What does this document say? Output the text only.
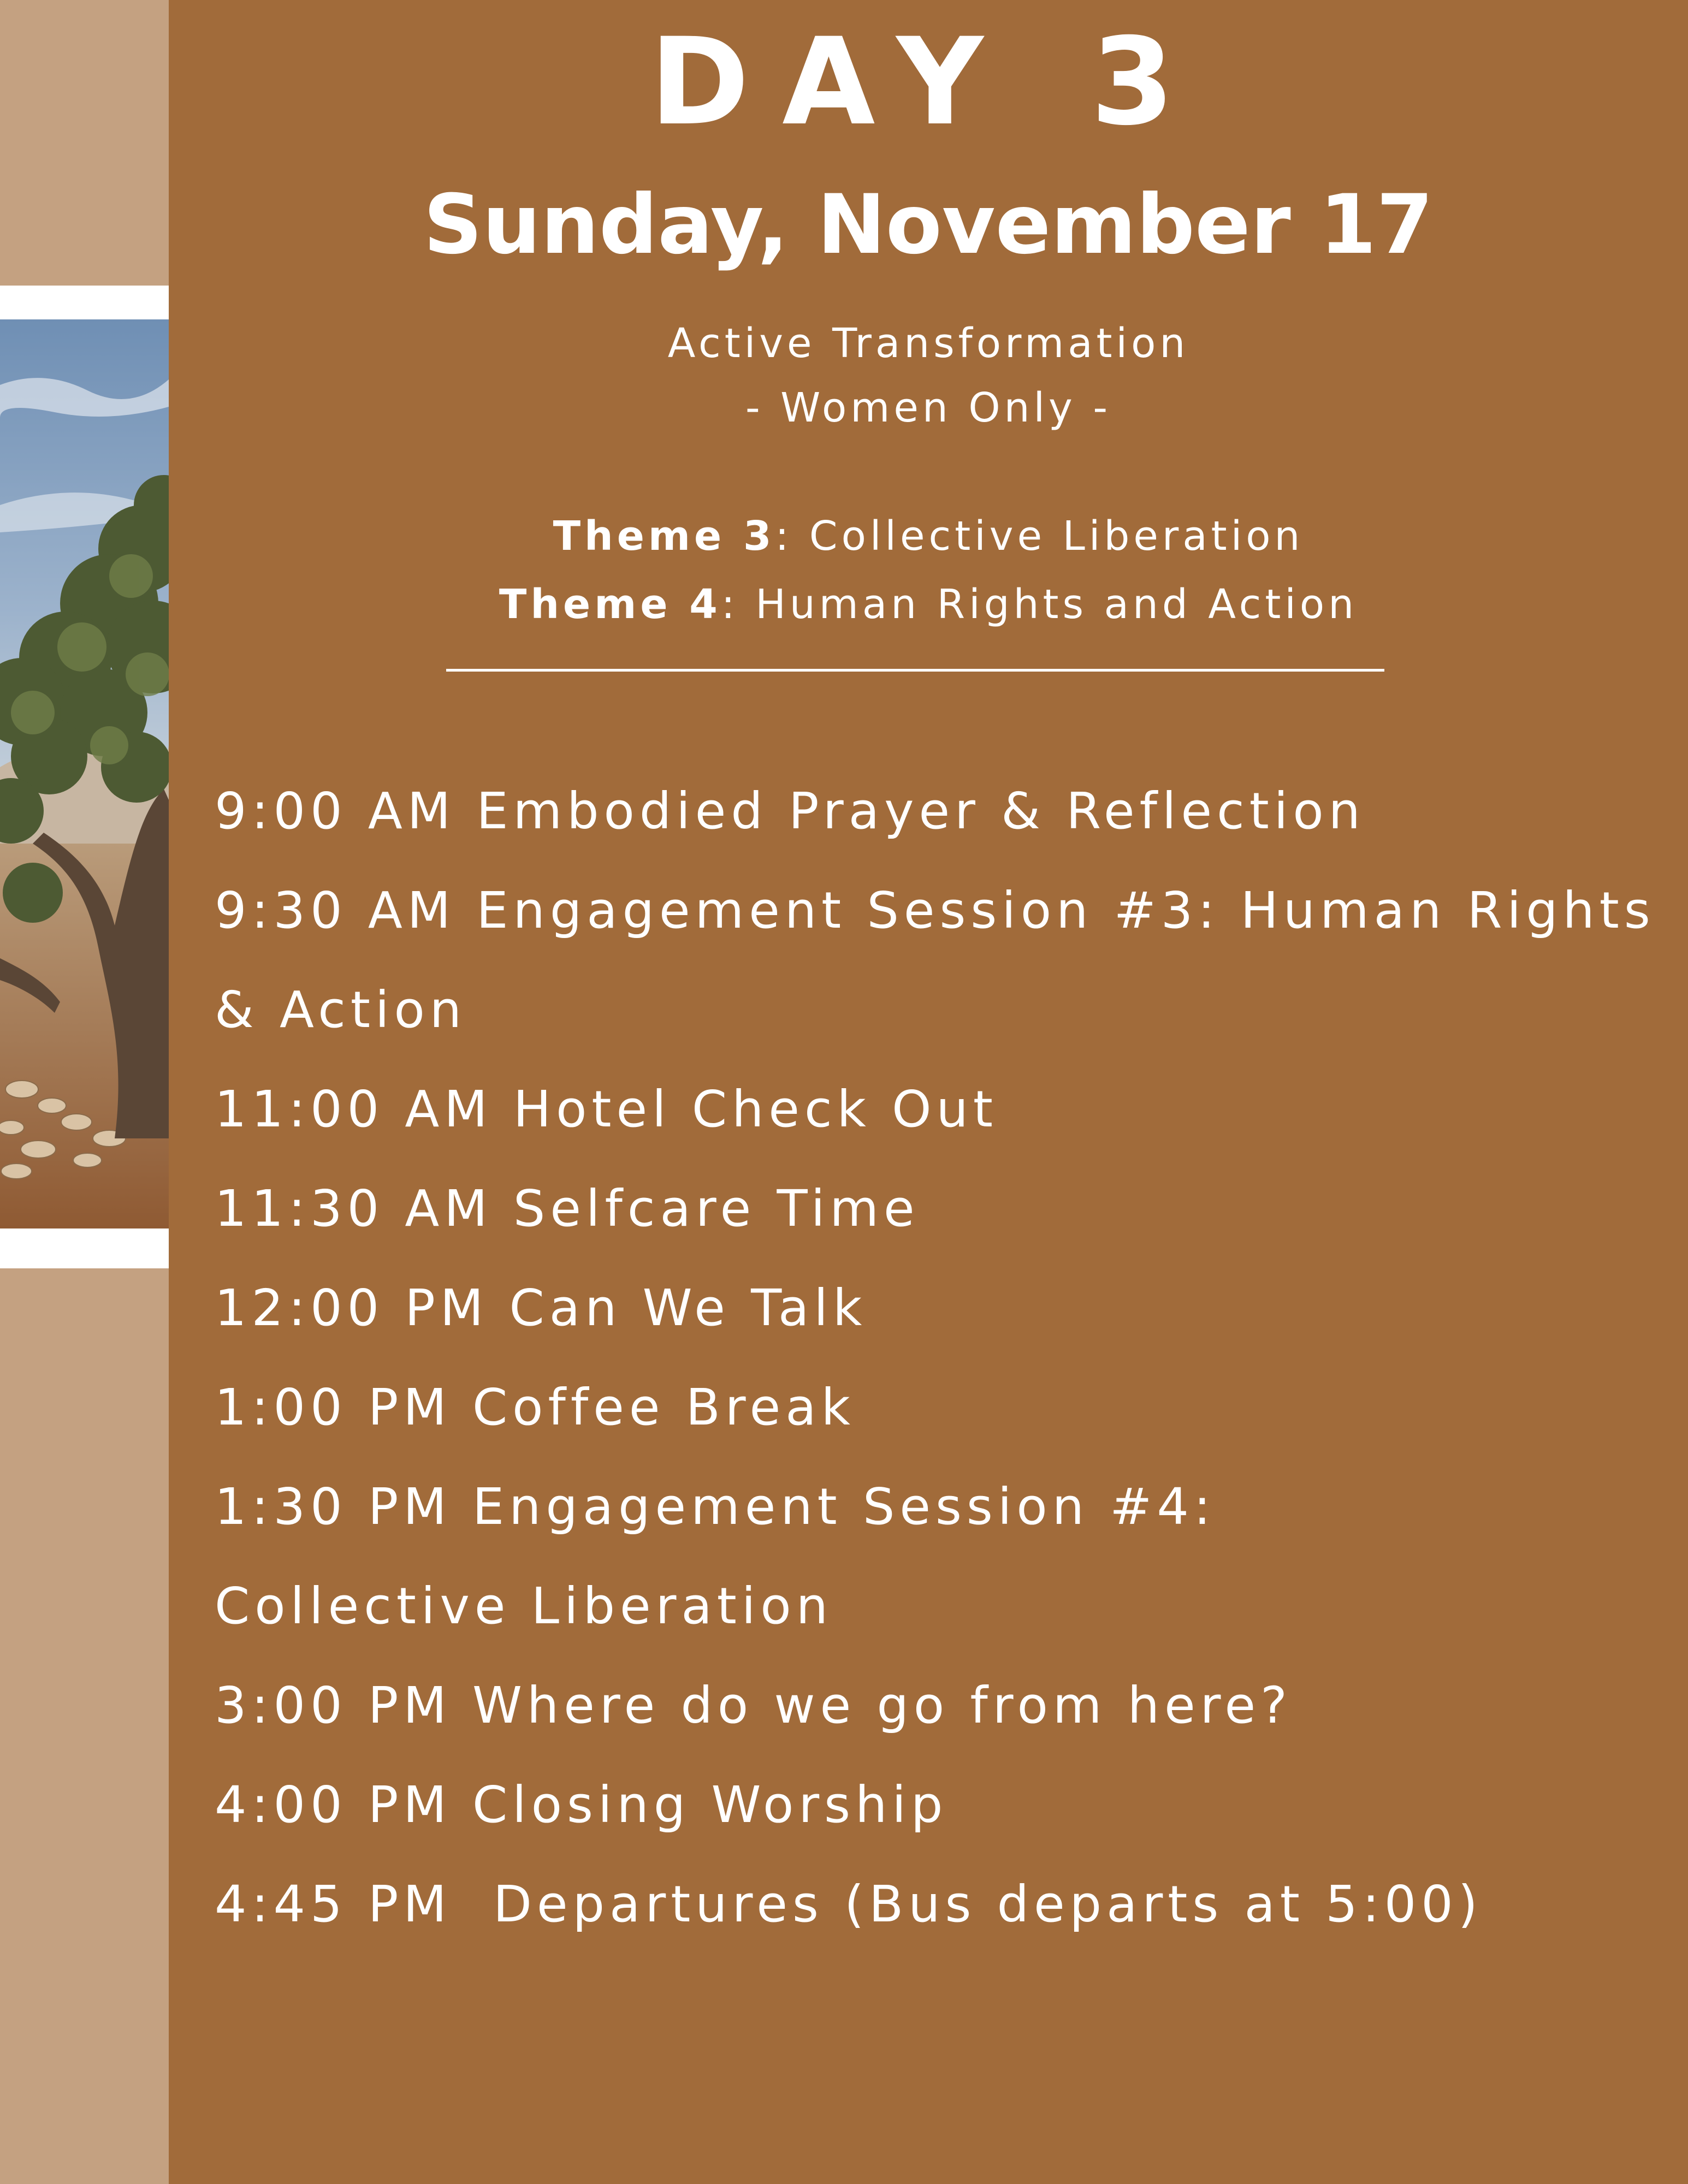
DAY 3
Sunday, November 17
Active Transformation
- Women Only -
Theme 3: Collective Liberation
Theme 4: Human Rights and Action
9:00 AM Embodied Prayer & Reflection
9:30 AM Engagement Session #3: Human Rights & Action
11:00 AM Hotel Check Out
11:30 AM Selfcare Time
12:00 PM Can We Talk
1:00 PM Coffee Break
1:30 PM Engagement Session #4: Collective Liberation
3:00 PM Where do we go from here?
4:00 PM Closing Worship
4:45 PM  Departures (Bus departs at 5:00)
